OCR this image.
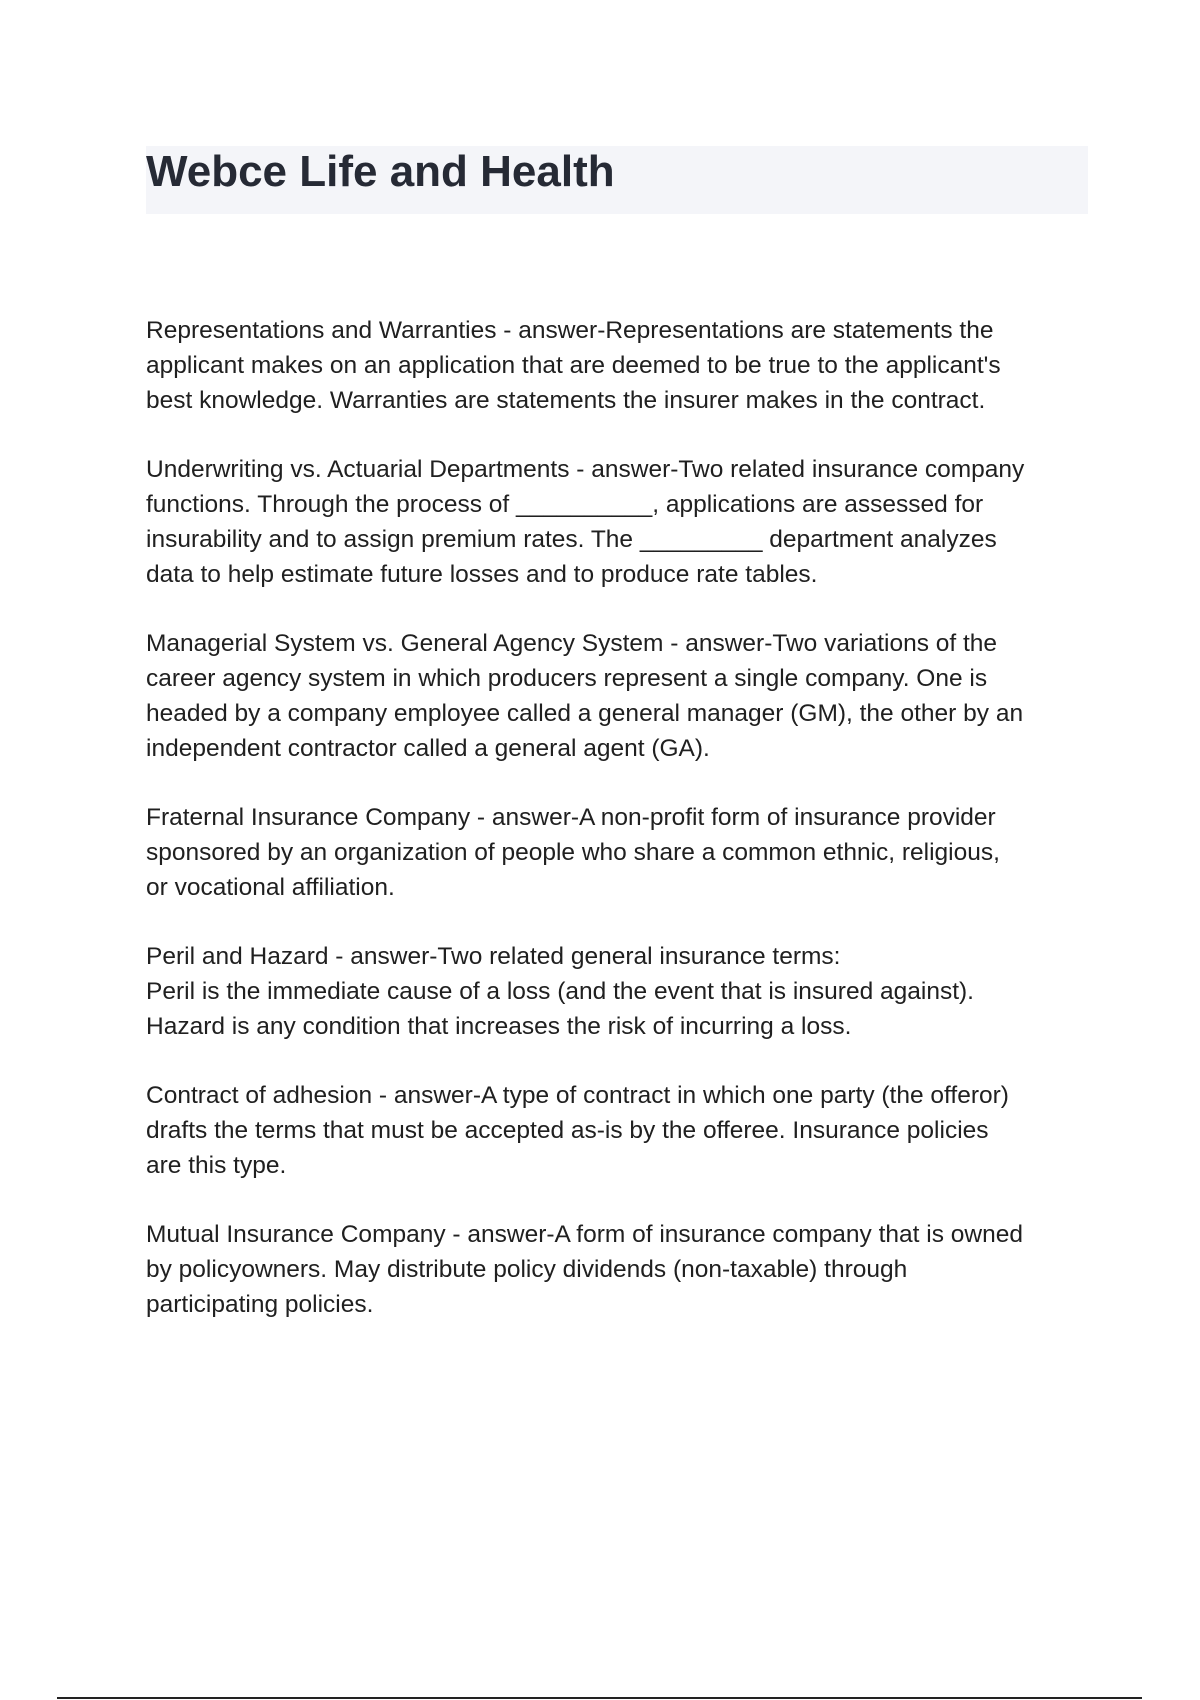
Webce Life and Health

Representations and Warranties - answer-Representations are statements the
applicant makes on an application that are deemed to be true to the applicant's
best knowledge. Warranties are statements the insurer makes in the contract.

Underwriting vs. Actuarial Departments - answer-Two related insurance company
functions. Through the process of __________, applications are assessed for
insurability and to assign premium rates. The _________ department analyzes
data to help estimate future losses and to produce rate tables.

Managerial System vs. General Agency System - answer-Two variations of the
career agency system in which producers represent a single company. One is
headed by a company employee called a general manager (GM), the other by an
independent contractor called a general agent (GA).

Fraternal Insurance Company - answer-A non-profit form of insurance provider
sponsored by an organization of people who share a common ethnic, religious,
or vocational affiliation.

Peril and Hazard - answer-Two related general insurance terms:
Peril is the immediate cause of a loss (and the event that is insured against).
Hazard is any condition that increases the risk of incurring a loss.

Contract of adhesion - answer-A type of contract in which one party (the offeror)
drafts the terms that must be accepted as-is by the offeree. Insurance policies
are this type.

Mutual Insurance Company - answer-A form of insurance company that is owned
by policyowners. May distribute policy dividends (non-taxable) through
participating policies.
